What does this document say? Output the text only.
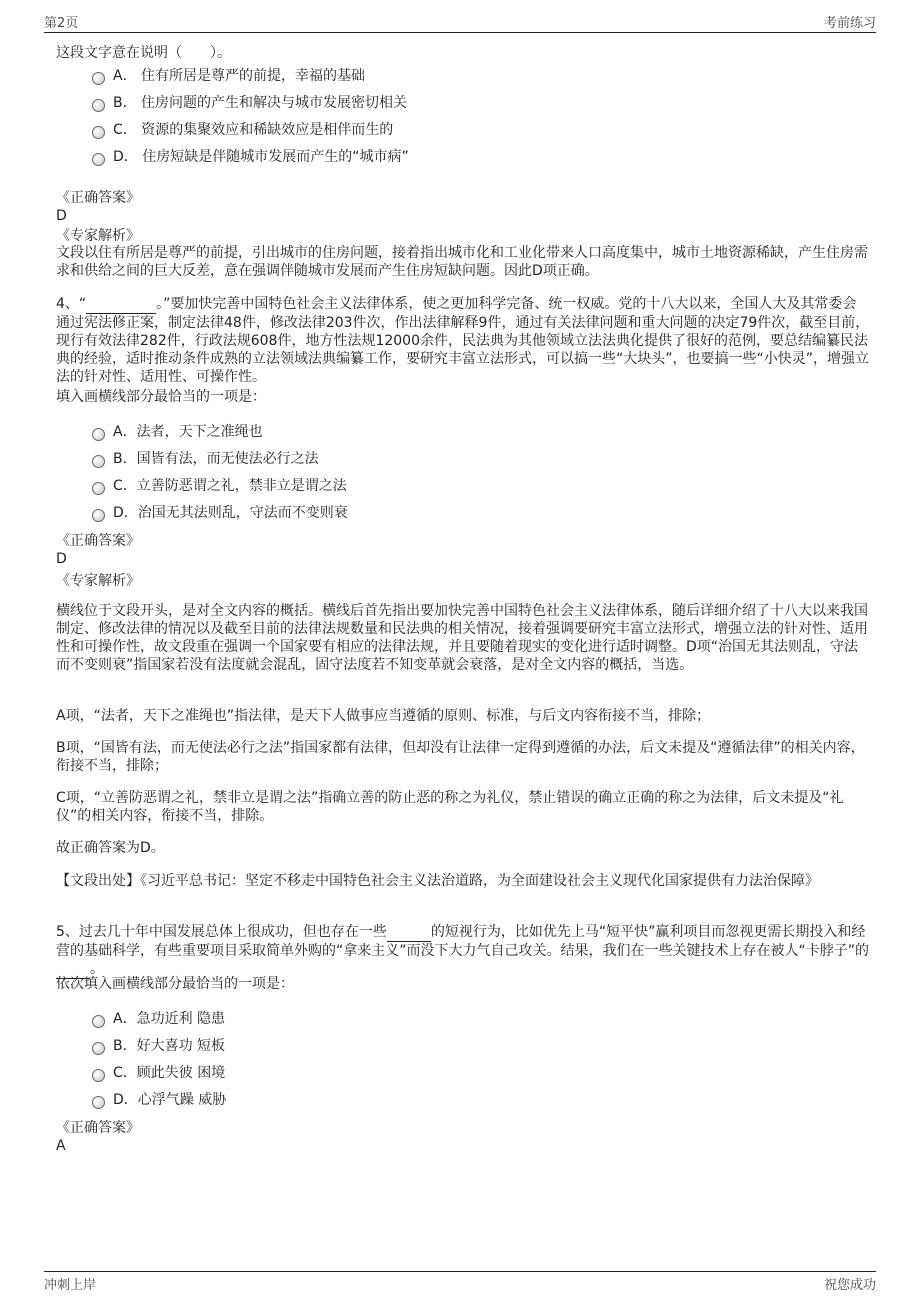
第2页	考前练习
这段文字意在说明（　　）。
A． 住有所居是尊严的前提，幸福的基础
B． 住房问题的产生和解决与城市发展密切相关
C． 资源的集聚效应和稀缺效应是相伴而生的
D． 住房短缺是伴随城市发展而产生的“城市病”
《正确答案》
D
《专家解析》
文段以住有所居是尊严的前提，引出城市的住房问题，接着指出城市化和工业化带来人口高度集中，城市土地资源稀缺，产生住房需求和供给之间的巨大反差，意在强调伴随城市发展而产生住房短缺问题。因此D项正确。
4、“	。”要加快完善中国特色社会主义法律体系，使之更加科学完备、统一权威。党的十八大以来，全国人大及其常委会通过宪法修正案，制定法律48件，修改法律203件次，作出法律解释9件，通过有关法律问题和重大问题的决定79件次，截至目前，现行有效法律282件，行政法规608件，地方性法规12000余件，民法典为其他领域立法法典化提供了很好的范例，要总结编纂民法典的经验，适时推动条件成熟的立法领域法典编纂工作，要研究丰富立法形式，可以搞一些“大块头”，也要搞一些“小快灵”，增强立法的针对性、适用性、可操作性。
填入画横线部分最恰当的一项是：
A．法者，天下之准绳也
B．国皆有法，而无使法必行之法
C．立善防恶谓之礼，禁非立是谓之法
D．治国无其法则乱，守法而不变则衰
《正确答案》
D
《专家解析》
横线位于文段开头，是对全文内容的概括。横线后首先指出要加快完善中国特色社会主义法律体系，随后详细介绍了十八大以来我国制定、修改法律的情况以及截至目前的法律法规数量和民法典的相关情况，接着强调要研究丰富立法形式，增强立法的针对性、适用性和可操作性，故文段重在强调一个国家要有相应的法律法规，并且要随着现实的变化进行适时调整。D项“治国无其法则乱，守法而不变则衰”指国家若没有法度就会混乱，固守法度若不知变革就会衰落，是对全文内容的概括，当选。
A项，“法者，天下之准绳也”指法律，是天下人做事应当遵循的原则、标准，与后文内容衔接不当，排除；
B项，“国皆有法，而无使法必行之法”指国家都有法律，但却没有让法律一定得到遵循的办法，后文未提及“遵循法律”的相关内容，衔接不当，排除；
C项，“立善防恶谓之礼，禁非立是谓之法”指确立善的防止恶的称之为礼仪，禁止错误的确立正确的称之为法律，后文未提及“礼仪”的相关内容，衔接不当，排除。
故正确答案为D。
【文段出处】《习近平总书记：坚定不移走中国特色社会主义法治道路，为全面建设社会主义现代化国家提供有力法治保障》
5、过去几十年中国发展总体上很成功，但也存在一些	的短视行为，比如优先上马“短平快”赢利项目而忽视更需长期投入和经营的基础科学，有些重要项目采取简单外购的“拿来主义”而没下大力气自己攻关。结果，我们在一些关键技术上存在被人“卡脖子”的 。
依次填入画横线部分最恰当的一项是：
A．急功近利 隐患
B．好大喜功 短板
C．顾此失彼 困境
D．心浮气躁 威胁
《正确答案》
A
冲刺上岸	祝您成功
